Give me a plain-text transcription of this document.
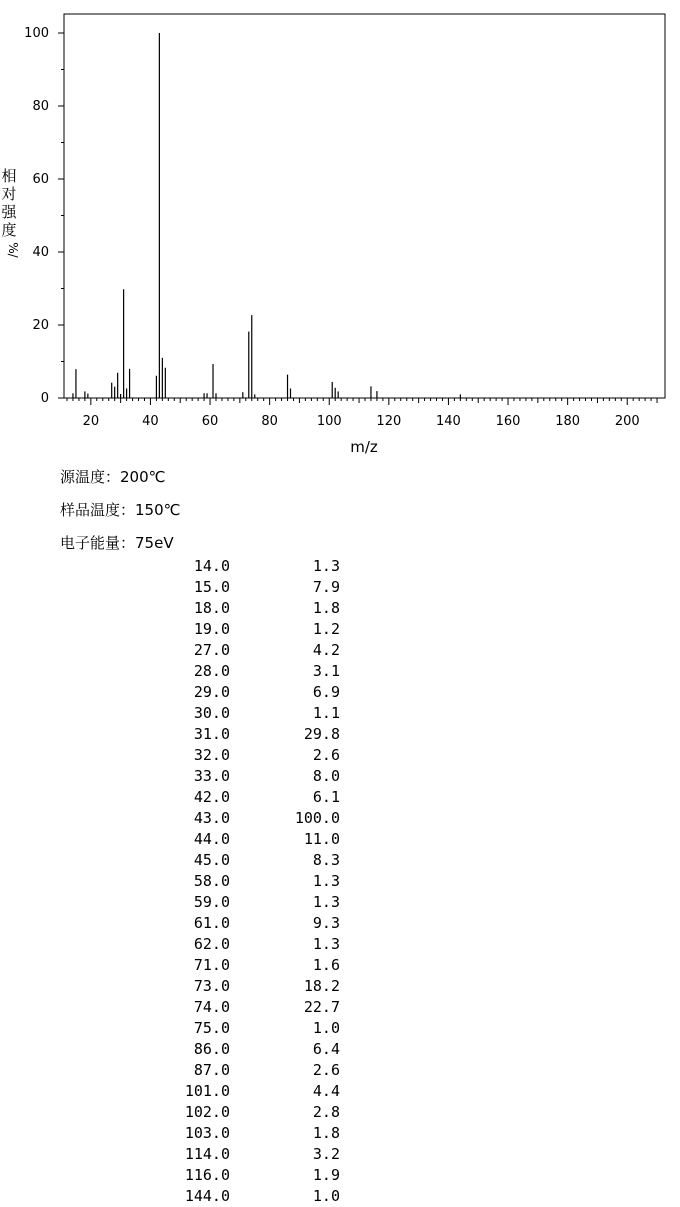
0
20
40
60
80
100
20	40	60	80	100	120	140	160	180	200
m/z
相
对
强
度
%/
源温度：200℃
样品温度：150℃
电子能量：75eV
14.0	1.3
15.0	7.9
18.0	1.8
19.0	1.2
27.0	4.2
28.0	3.1
29.0	6.9
30.0	1.1
31.0	29.8
32.0	2.6
33.0	8.0
42.0	6.1
43.0	100.0
44.0	11.0
45.0	8.3
58.0	1.3
59.0	1.3
61.0	9.3
62.0	1.3
71.0	1.6
73.0	18.2
74.0	22.7
75.0	1.0
86.0	6.4
87.0	2.6
101.0	4.4
102.0	2.8
103.0	1.8
114.0	3.2
116.0	1.9
144.0	1.0
